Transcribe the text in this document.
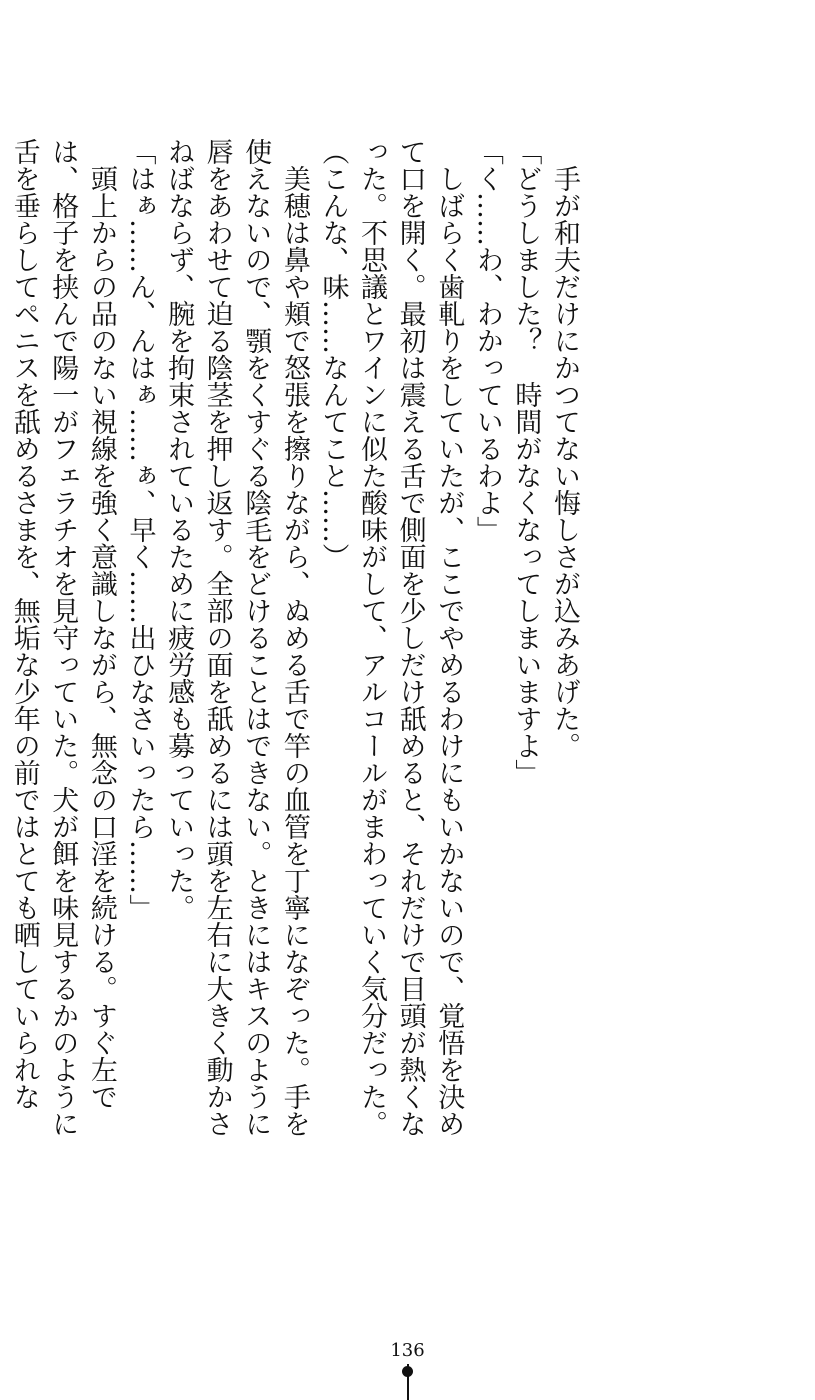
　手が和夫だけにかつてない悔しさが込みあげた。

「どうしました？　時間がなくなってしまいますよ」

「く……わ、わかっているわよ」

　しばらく歯軋りをしていたが、ここでやめるわけにもいかないので、覚悟を決めて口を開く。最初は震える舌で側面を少しだけ舐めると、それだけで目頭が熱くなった。不思議とワインに似た酸味がして、アルコールがまわっていく気分だった。

（こんな、味……なんてこと……）

　美穂は鼻や頬で怒張を擦りながら、ぬめる舌で竿の血管を丁寧になぞった。手を使えないので、顎をくすぐる陰毛をどけることはできない。ときにはキスのように唇をあわせて迫る陰茎を押し返す。全部の面を舐めるには頭を左右に大きく動かさねばならず、腕を拘束されているために疲労感も募っていった。

「はぁ……ん、んはぁ……ぁ、早く……出ひなさいったら……」

　頭上からの品のない視線を強く意識しながら、無念の口淫を続ける。すぐ左では、格子を挟んで陽一がフェラチオを見守っていた。犬が餌を味見するかのように舌を垂らしてペニスを舐めるさまを、無垢な少年の前ではとても晒していられな

136
